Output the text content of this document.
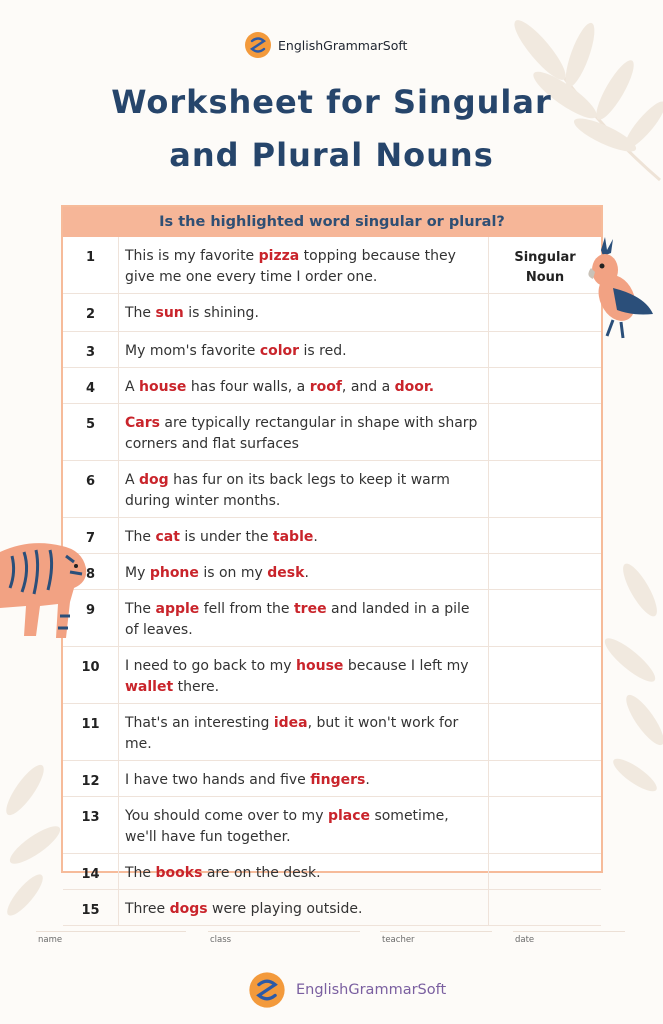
EnglishGrammarSoft
Worksheet for Singular
and Plural Nouns
Is the highlighted word singular or plural?
1	This is my favorite pizza topping because they give me one every time I order one.	Singular
Noun

2	The sun is shining.	
3	My mom's favorite color is red.	
4	A house has four walls, a roof, and a door.	
5	Cars are typically rectangular in shape with sharp corners and flat surfaces	
6	A dog has fur on its back legs to keep it warm during winter months.	
7	The cat is under the table.	
8	My phone is on my desk.	
9	The apple fell from the tree and landed in a pile of leaves.	
10	I need to go back to my house because I left my wallet there.	
11	That's an interesting idea, but it won't work for me.	
12	I have two hands and five fingers.	
13	You should come over to my place sometime, we'll have fun together.	
14	The books are on the desk.	
15	Three dogs were playing outside.	
name	class	teacher	date
EnglishGrammarSoft
